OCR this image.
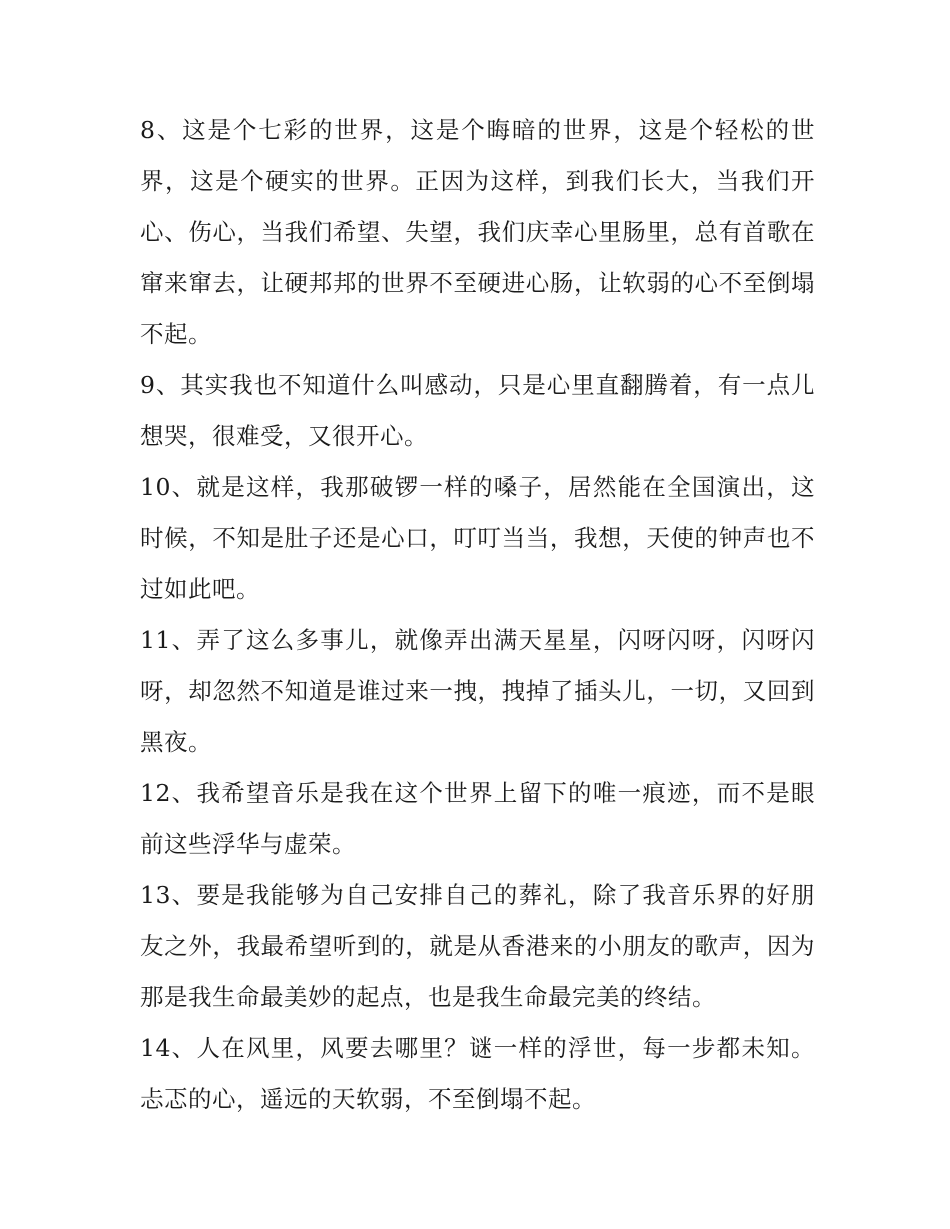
8、这是个七彩的世界，这是个晦暗的世界，这是个轻松的世界，这是个硬实的世界。正因为这样，到我们长大，当我们开心、伤心，当我们希望、失望，我们庆幸心里肠里，总有首歌在窜来窜去，让硬邦邦的世界不至硬进心肠，让软弱的心不至倒塌不起。

9、其实我也不知道什么叫感动，只是心里直翻腾着，有一点儿想哭，很难受，又很开心。

10、就是这样，我那破锣一样的嗓子，居然能在全国演出，这时候，不知是肚子还是心口，叮叮当当，我想，天使的钟声也不过如此吧。

11、弄了这么多事儿，就像弄出满天星星，闪呀闪呀，闪呀闪呀，却忽然不知道是谁过来一拽，拽掉了插头儿，一切，又回到黑夜。

12、我希望音乐是我在这个世界上留下的唯一痕迹，而不是眼前这些浮华与虚荣。

13、要是我能够为自己安排自己的葬礼，除了我音乐界的好朋友之外，我最希望听到的，就是从香港来的小朋友的歌声，因为那是我生命最美妙的起点，也是我生命最完美的终结。

14、人在风里，风要去哪里？谜一样的浮世，每一步都未知。忐忑的心，遥远的天软弱，不至倒塌不起。
